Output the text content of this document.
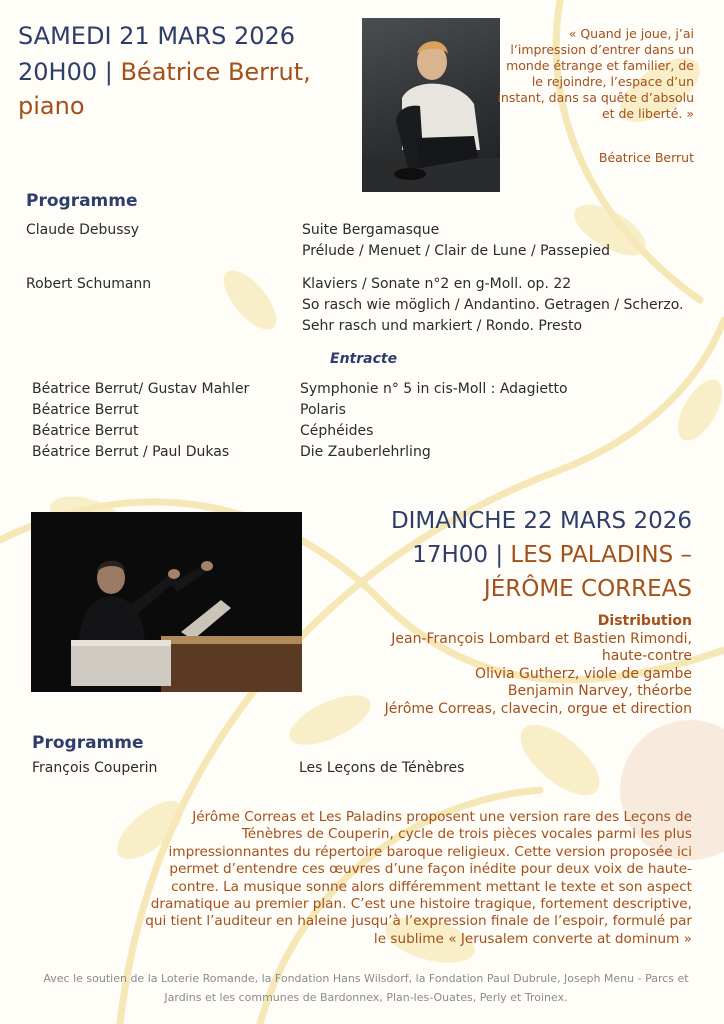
SAMEDI 21 MARS 2026
20H00 | Béatrice Berrut,
piano
« Quand je joue, j’ai l’impression d’entrer dans un monde étrange et familier, de le rejoindre, l’espace d’un instant, dans sa quête d’absolu et de liberté. »
Béatrice Berrut
Programme
Claude Debussy	Suite Bergamasque
Prélude / Menuet / Clair de Lune / Passepied
Robert Schumann	Klaviers / Sonate n°2 en g-Moll. op. 22
So rasch wie möglich / Andantino. Getragen / Scherzo.
Sehr rasch und markiert / Rondo. Presto
Entracte
Béatrice Berrut/ Gustav Mahler	Symphonie n° 5 in cis-Moll : Adagietto
Béatrice Berrut	Polaris
Béatrice Berrut	Céphéides
Béatrice Berrut / Paul Dukas	Die Zauberlehrling
DIMANCHE 22 MARS 2026
17H00 | LES PALADINS –
JÉRÔME CORREAS
Distribution
Jean-François Lombard et Bastien Rimondi,
haute-contre
Olivia Gutherz, viole de gambe
Benjamin Narvey, théorbe
Jérôme Correas, clavecin, orgue et direction
Programme
François Couperin	Les Leçons de Ténèbres
Jérôme Correas et Les Paladins proposent une version rare des Leçons de Ténèbres de Couperin, cycle de trois pièces vocales parmi les plus impressionnantes du répertoire baroque religieux. Cette version proposée ici permet d’entendre ces œuvres d’une façon inédite pour deux voix de haute-contre. La musique sonne alors différemment mettant le texte et son aspect dramatique au premier plan. C’est une histoire tragique, fortement descriptive, qui tient l’auditeur en haleine jusqu’à l’expression finale de l’espoir, formulé par le sublime « Jerusalem converte at dominum »
Avec le soutien de la Loterie Romande, la Fondation Hans Wilsdorf, la Fondation Paul Dubrule, Joseph Menu - Parcs et
Jardins et les communes de Bardonnex, Plan-les-Ouates, Perly et Troinex.
